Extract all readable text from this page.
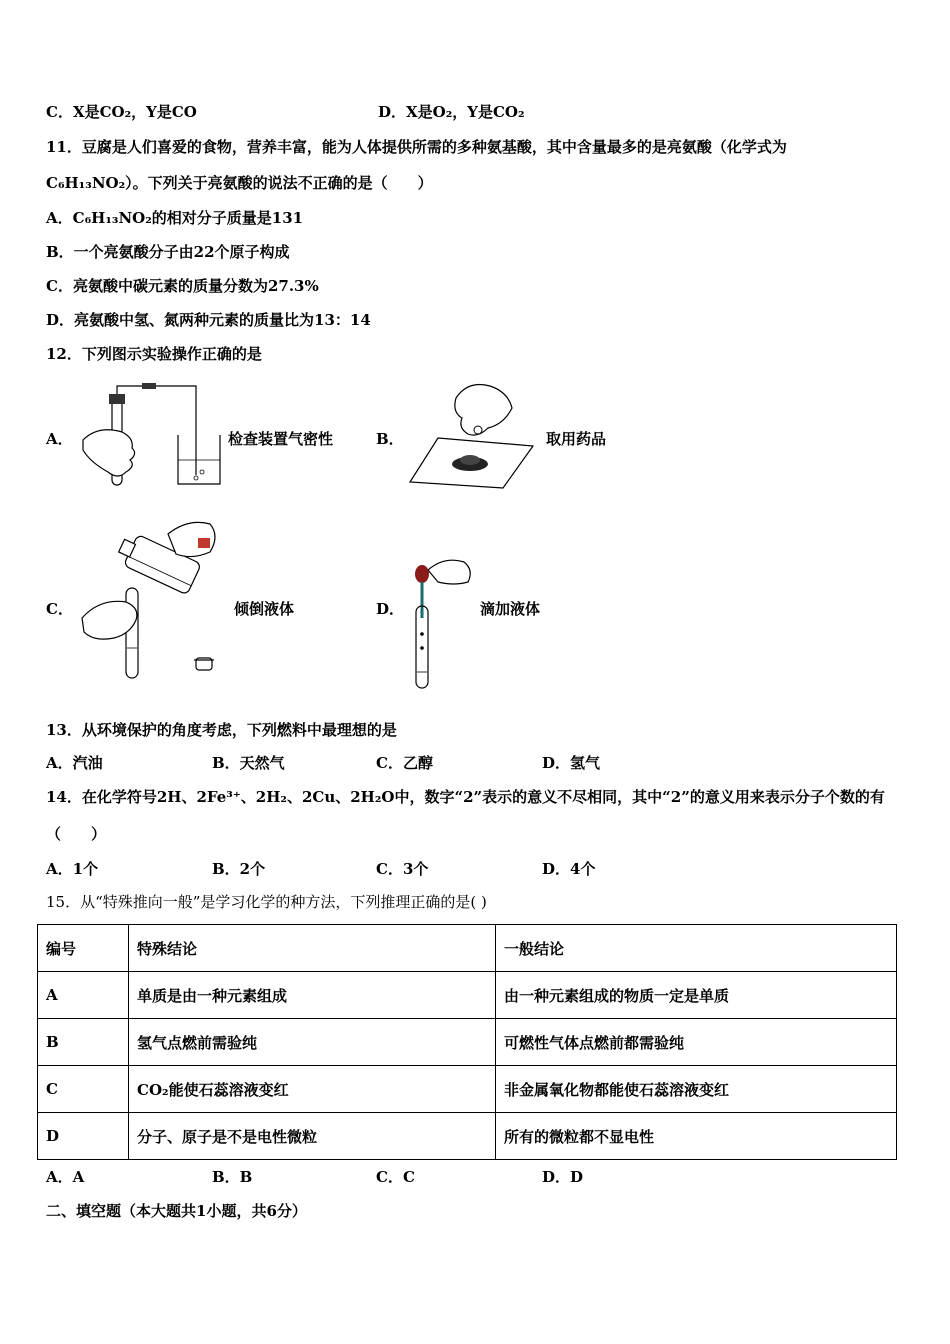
C．X是CO₂，Y是CO	D．X是O₂，Y是CO₂
11．豆腐是人们喜爱的食物，营养丰富，能为人体提供所需的多种氨基酸，其中含量最多的是亮氨酸（化学式为
C₆H₁₃NO₂）。下列关于亮氨酸的说法不正确的是（　　）
A．C₆H₁₃NO₂的相对分子质量是131
B．一个亮氨酸分子由22个原子构成
C．亮氨酸中碳元素的质量分数为27.3%
D．亮氨酸中氢、氮两种元素的质量比为13：14
12．下列图示实验操作正确的是
A．	检查装置气密性	B．	取用药品
C．	倾倒液体	D．	滴加液体
13．从环境保护的角度考虑，下列燃料中最理想的是
A．汽油	B．天然气	C．乙醇	D．氢气
14．在化学符号2H、2Fe³⁺、2H₂、2Cu、2H₂O中，数字“2”表示的意义不尽相同，其中“2”的意义用来表示分子个数的有
（　　）
A．1个	B．2个	C．3个	D．4个
15．从“特殊推向一般”是学习化学的种方法，下列推理正确的是( )
编号	特殊结论	一般结论
A	单质是由一种元素组成	由一种元素组成的物质一定是单质
B	氢气点燃前需验纯	可燃性气体点燃前都需验纯
C	CO₂能使石蕊溶液变红	非金属氧化物都能使石蕊溶液变红
D	分子、原子是不是电性微粒	所有的微粒都不显电性
A．A	B．B	C．C	D．D
二、填空题（本大题共1小题，共6分）
